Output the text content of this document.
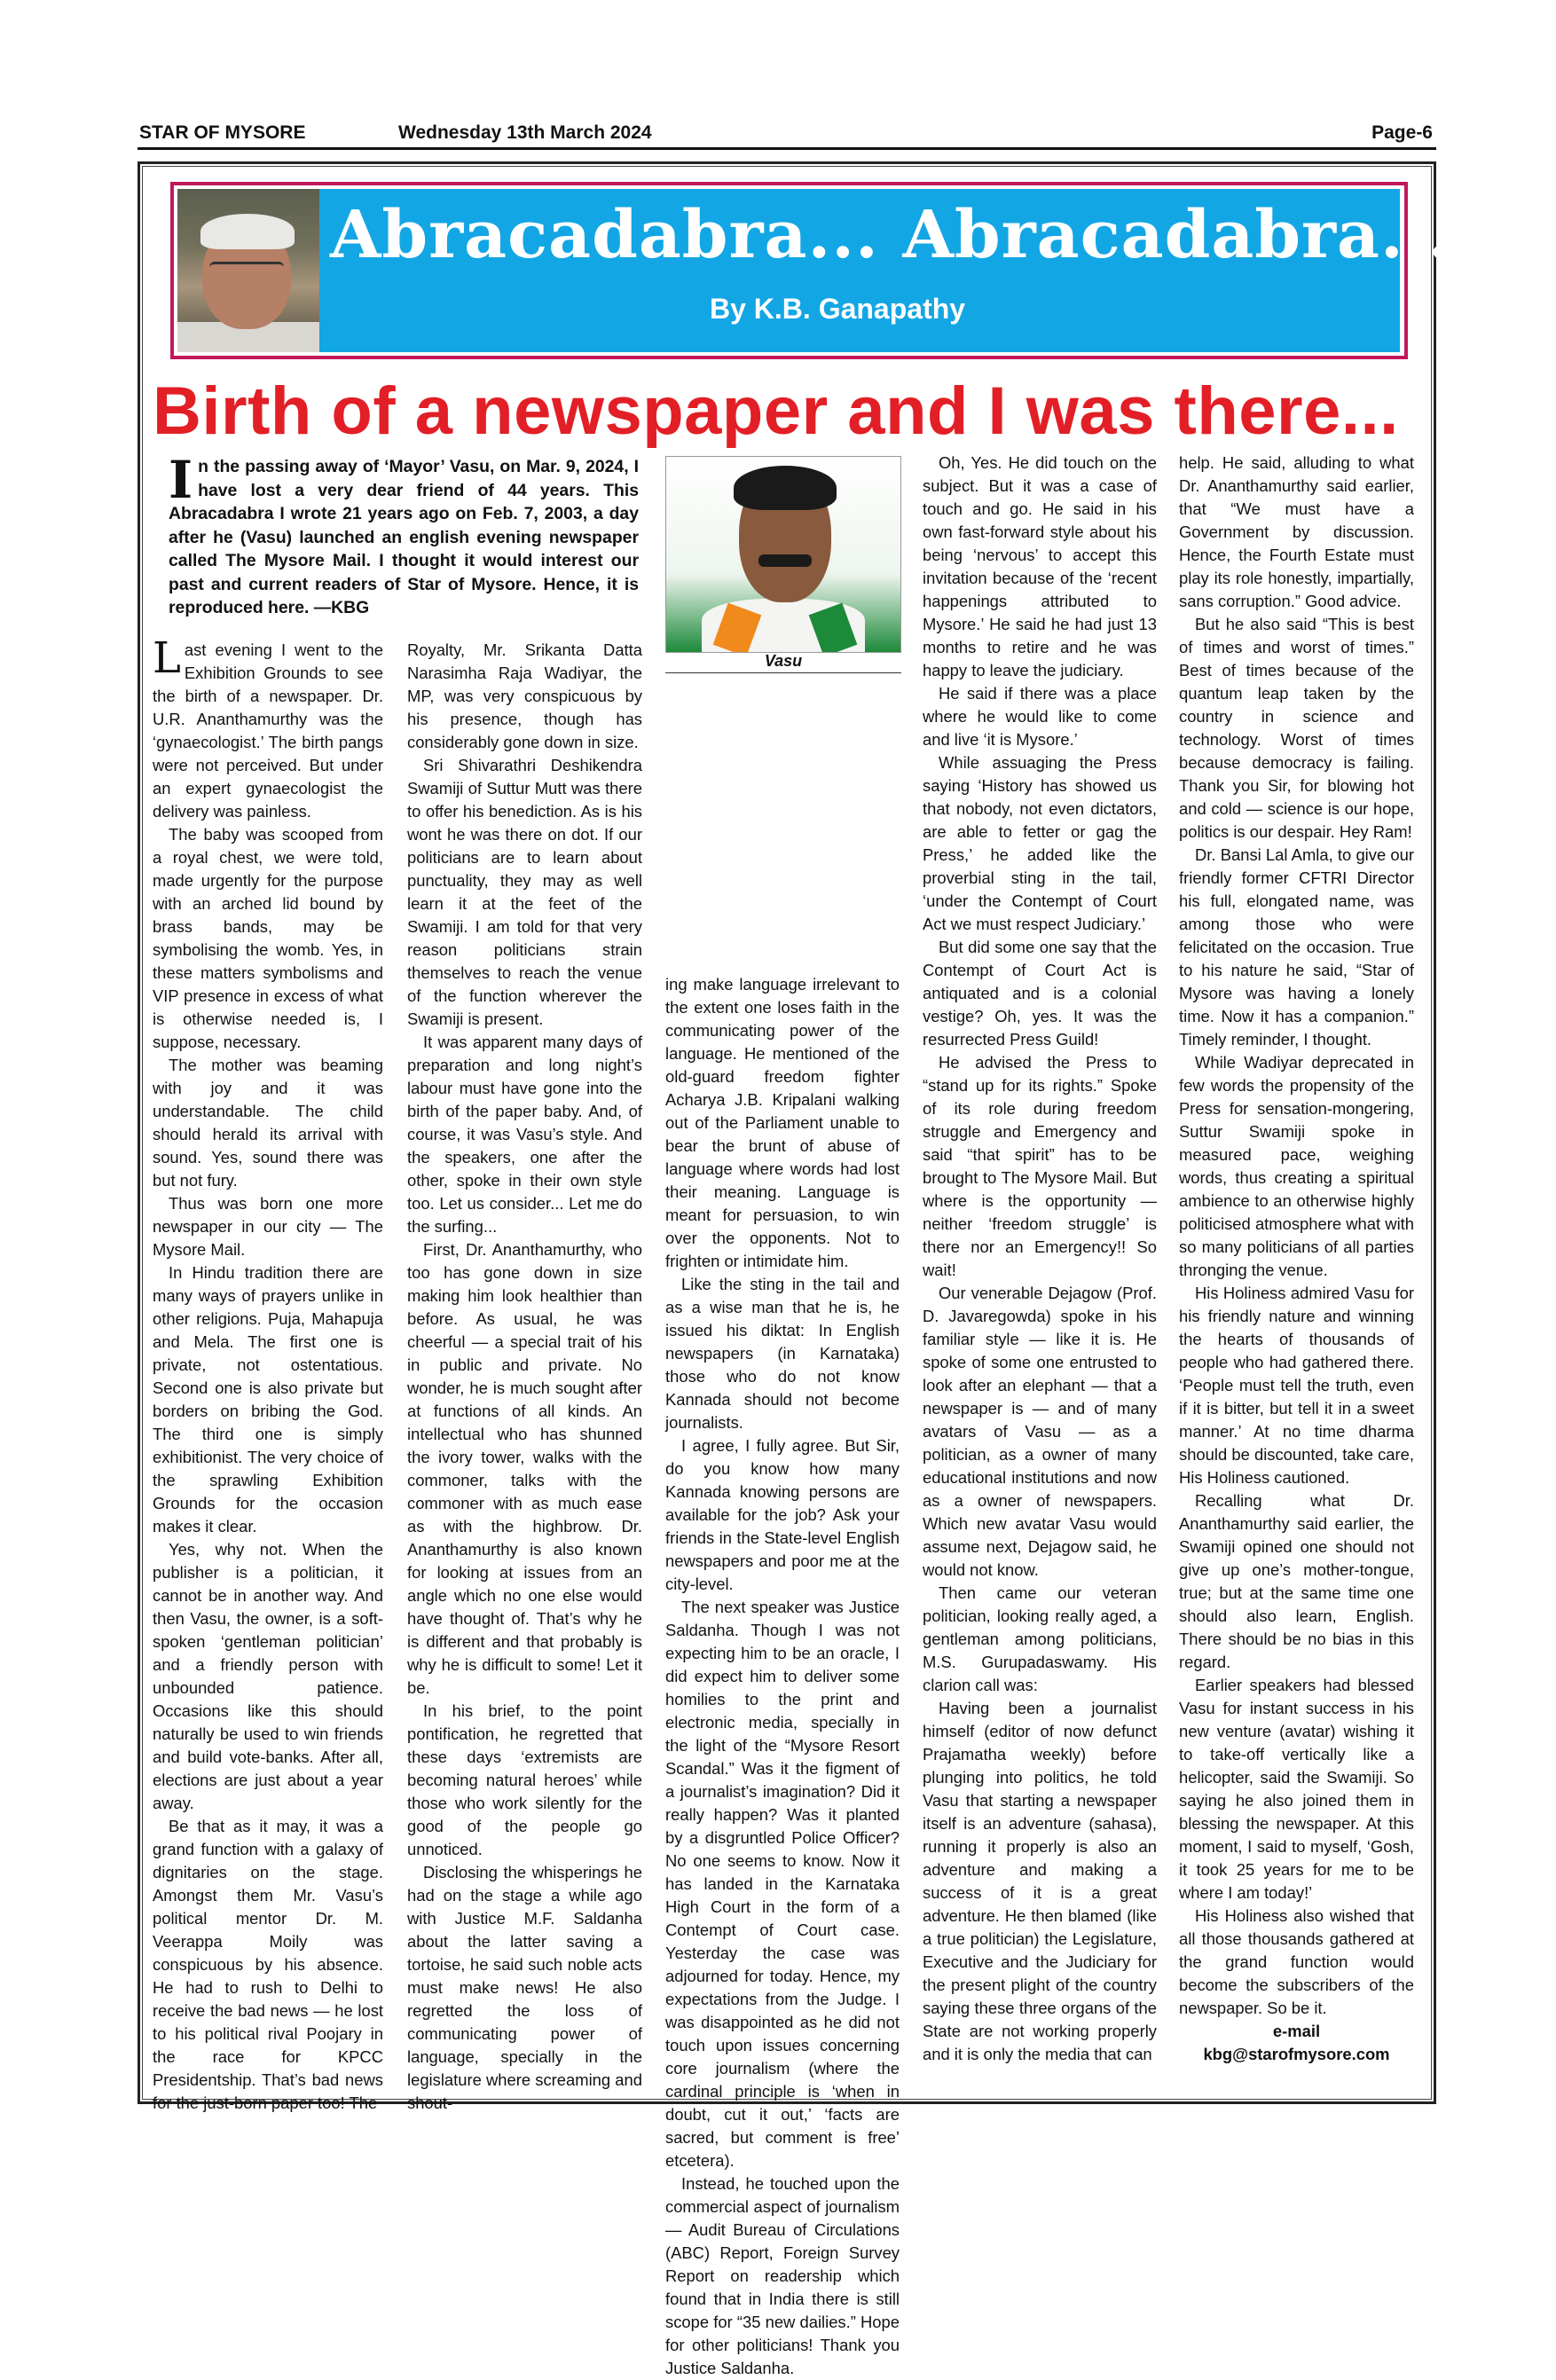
STAR OF MYSORE	Wednesday 13th March 2024	Page-6
Abracadabra... Abracadabra...
By K.B. Ganapathy
Birth of a newspaper and I was there...
In the passing away of ‘Mayor’ Vasu, on Mar. 9, 2024, I have lost a very dear friend of 44 years. This Abracadabra I wrote 21 years ago on Feb. 7, 2003, a day after he (Vasu) launched an english evening newspaper called The Mysore Mail. I thought it would interest our past and current readers of Star of Mysore. Hence, it is reproduced here. —KBG
Vasu

Last evening I went to the Exhibition Grounds to see the birth of a newspaper. Dr. U.R. Ananthamurthy was the ‘gynaecologist.’ The birth pangs were not perceived. But under an expert gynaecologist the delivery was painless.

The baby was scooped from a royal chest, we were told, made urgently for the purpose with an arched lid bound by brass bands, may be symbolising the womb. Yes, in these matters symbolisms and VIP presence in excess of what is otherwise needed is, I suppose, necessary.

The mother was beaming with joy and it was understandable. The child should herald its arrival with sound. Yes, sound there was but not fury.

Thus was born one more newspaper in our city — The Mysore Mail.

In Hindu tradition there are many ways of prayers unlike in other religions. Puja, Mahapuja and Mela. The first one is private, not ostentatious. Second one is also private but borders on bribing the God. The third one is simply exhibitionist. The very choice of the sprawling Exhibition Grounds for the occasion makes it clear.

Yes, why not. When the publisher is a politician, it cannot be in another way. And then Vasu, the owner, is a soft-spoken ‘gentleman politician’ and a friendly person with unbounded patience. Occasions like this should naturally be used to win friends and build vote-banks. After all, elections are just about a year away.

Be that as it may, it was a grand function with a galaxy of dignitaries on the stage. Amongst them Mr. Vasu’s political mentor Dr. M. Veerappa Moily was conspicuous by his absence. He had to rush to Delhi to receive the bad news — he lost to his political rival Poojary in the race for KPCC Presidentship. That’s bad news for the just-born paper too! The

Royalty, Mr. Srikanta Datta Narasimha Raja Wadiyar, the MP, was very conspicuous by his presence, though has considerably gone down in size.

Sri Shivarathri Deshikendra Swamiji of Suttur Mutt was there to offer his benediction. As is his wont he was there on dot. If our politicians are to learn about punctuality, they may as well learn it at the feet of the Swamiji. I am told for that very reason politicians strain themselves to reach the venue of the function wherever the Swamiji is present.

It was apparent many days of preparation and long night’s labour must have gone into the birth of the paper baby. And, of course, it was Vasu’s style. And the speakers, one after the other, spoke in their own style too. Let us consider... Let me do the surfing...

First, Dr. Ananthamurthy, who too has gone down in size making him look healthier than before. As usual, he was cheerful — a special trait of his in public and private. No wonder, he is much sought after at functions of all kinds. An intellectual who has shunned the ivory tower, walks with the commoner, talks with the commoner with as much ease as with the highbrow. Dr. Ananthamurthy is also known for looking at issues from an angle which no one else would have thought of. That’s why he is different and that probably is why he is difficult to some! Let it be.

In his brief, to the point pontification, he regretted that these days ‘extremists are becoming natural heroes’ while those who work silently for the good of the people go unnoticed.

Disclosing the whisperings he had on the stage a while ago with Justice M.F. Saldanha about the latter saving a tortoise, he said such noble acts must make news! He also regretted the loss of communicating power of language, specially in the legislature where screaming and shout-

ing make language irrelevant to the extent one loses faith in the communicating power of the language. He mentioned of the old-guard freedom fighter Acharya J.B. Kripalani walking out of the Parliament unable to bear the brunt of abuse of language where words had lost their meaning. Language is meant for persuasion, to win over the opponents. Not to frighten or intimidate him.

Like the sting in the tail and as a wise man that he is, he issued his diktat: In English newspapers (in Karnataka) those who do not know Kannada should not become journalists.

I agree, I fully agree. But Sir, do you know how many Kannada knowing persons are available for the job? Ask your friends in the State-level English newspapers and poor me at the city-level.

The next speaker was Justice Saldanha. Though I was not expecting him to be an oracle, I did expect him to deliver some homilies to the print and electronic media, specially in the light of the “Mysore Resort Scandal.” Was it the figment of a journalist’s imagination? Did it really happen? Was it planted by a disgruntled Police Officer? No one seems to know. Now it has landed in the Karnataka High Court in the form of a Contempt of Court case. Yesterday the case was adjourned for today. Hence, my expectations from the Judge. I was disappointed as he did not touch upon issues concerning core journalism (where the cardinal principle is ‘when in doubt, cut it out,’ ‘facts are sacred, but comment is free’ etcetera).

Instead, he touched upon the commercial aspect of journalism — Audit Bureau of Circulations (ABC) Report, Foreign Survey Report on readership which found that in India there is still scope for “35 new dailies.” Hope for other politicians! Thank you Justice Saldanha.

Oh, Yes. He did touch on the subject. But it was a case of touch and go. He said in his own fast-forward style about his being ‘nervous’ to accept this invitation because of the ‘recent happenings attributed to Mysore.’ He said he had just 13 months to retire and he was happy to leave the judiciary.

He said if there was a place where he would like to come and live ‘it is Mysore.’

While assuaging the Press saying ‘History has showed us that nobody, not even dictators, are able to fetter or gag the Press,’ he added like the proverbial sting in the tail, ‘under the Contempt of Court Act we must respect Judiciary.’

But did some one say that the Contempt of Court Act is antiquated and is a colonial vestige? Oh, yes. It was the resurrected Press Guild!

He advised the Press to “stand up for its rights.” Spoke of its role during freedom struggle and Emergency and said “that spirit” has to be brought to The Mysore Mail. But where is the opportunity — neither ‘freedom struggle’ is there nor an Emergency!! So wait!

Our venerable Dejagow (Prof. D. Javaregowda) spoke in his familiar style — like it is. He spoke of some one entrusted to look after an elephant — that a newspaper is — and of many avatars of Vasu — as a politician, as a owner of many educational institutions and now as a owner of newspapers. Which new avatar Vasu would assume next, Dejagow said, he would not know.

Then came our veteran politician, looking really aged, a gentleman among politicians, M.S. Gurupadaswamy. His clarion call was:

Having been a journalist himself (editor of now defunct Prajamatha weekly) before plunging into politics, he told Vasu that starting a newspaper itself is an adventure (sahasa), running it properly is also an adventure and making a success of it is a great adventure. He then blamed (like a true politician) the Legislature, Executive and the Judiciary for the present plight of the country saying these three organs of the State are not working properly and it is only the media that can

help. He said, alluding to what Dr. Ananthamurthy said earlier, that “We must have a Government by discussion. Hence, the Fourth Estate must play its role honestly, impartially, sans corruption.” Good advice.

But he also said “This is best of times and worst of times.” Best of times because of the quantum leap taken by the country in science and technology. Worst of times because democracy is failing. Thank you Sir, for blowing hot and cold — science is our hope, politics is our despair. Hey Ram!

Dr. Bansi Lal Amla, to give our friendly former CFTRI Director his full, elongated name, was among those who were felicitated on the occasion. True to his nature he said, “Star of Mysore was having a lonely time. Now it has a companion.” Timely reminder, I thought.

While Wadiyar deprecated in few words the propensity of the Press for sensation-mongering, Suttur Swamiji spoke in measured pace, weighing words, thus creating a spiritual ambience to an otherwise highly politicised atmosphere what with so many politicians of all parties thronging the venue.

His Holiness admired Vasu for his friendly nature and winning the hearts of thousands of people who had gathered there. ‘People must tell the truth, even if it is bitter, but tell it in a sweet manner.’ At no time dharma should be discounted, take care, His Holiness cautioned.

Recalling what Dr. Ananthamurthy said earlier, the Swamiji opined one should not give up one’s mother-tongue, true; but at the same time one should also learn, English. There should be no bias in this regard.

Earlier speakers had blessed Vasu for instant success in his new venture (avatar) wishing it to take-off vertically like a helicopter, said the Swamiji. So saying he also joined them in blessing the newspaper. At this moment, I said to myself, ‘Gosh, it took 25 years for me to be where I am today!’

His Holiness also wished that all those thousands gathered at the grand function would become the subscribers of the newspaper. So be it.

e-mail

kbg@starofmysore.com
